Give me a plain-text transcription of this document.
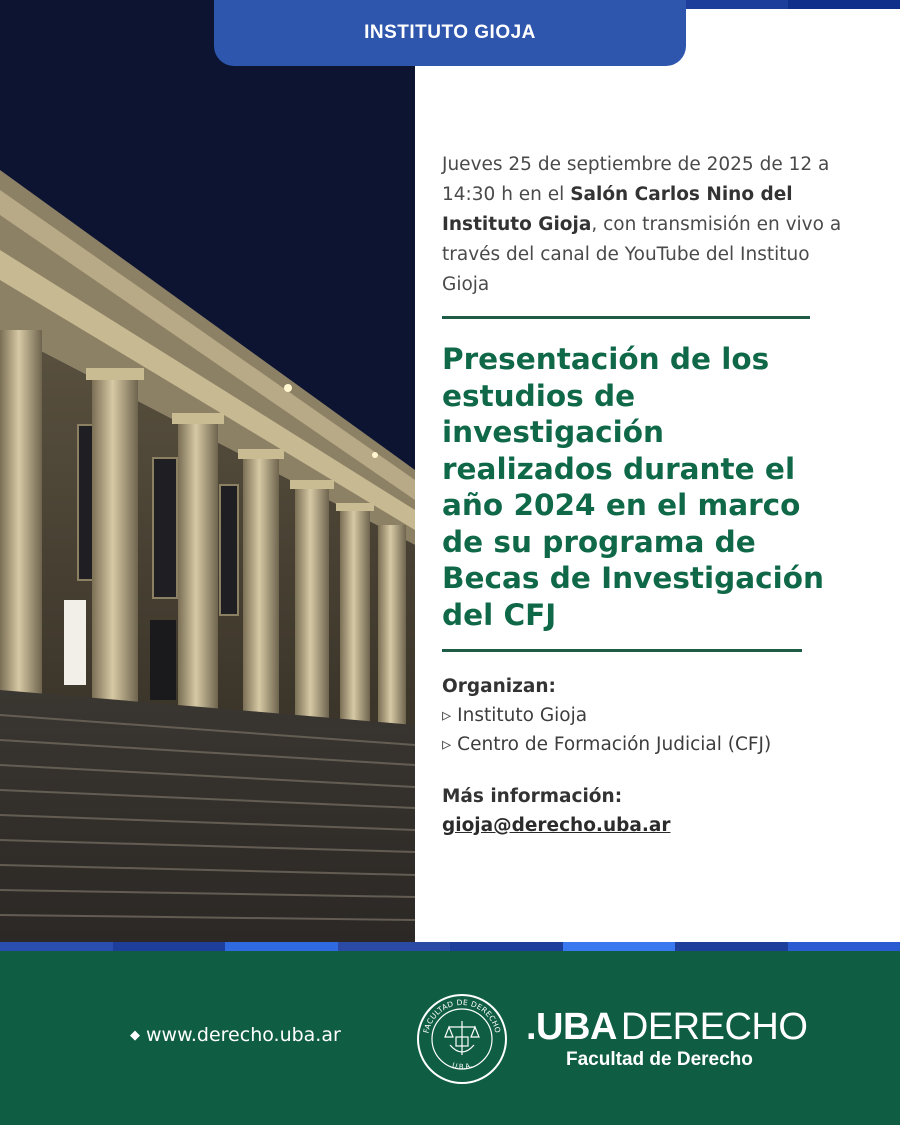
INSTITUTO GIOJA

Jueves 25 de septiembre de 2025 de 12 a 14:30 h en el Salón Carlos Nino del Instituto Gioja, con transmisión en vivo a través del canal de YouTube del Instituo Gioja

Presentación de los estudios de investigación realizados durante el año 2024 en el marco de su programa de Becas de Investigación del CFJ
Organizan:
▹ Instituto Gioja
▹ Centro de Formación Judicial (CFJ)
Más información:
gioja@derecho.uba.ar
◆ www.derecho.uba.ar	FACULTAD DE DERECHO
U.B.A.
.UBA DERECHO
Facultad de Derecho
